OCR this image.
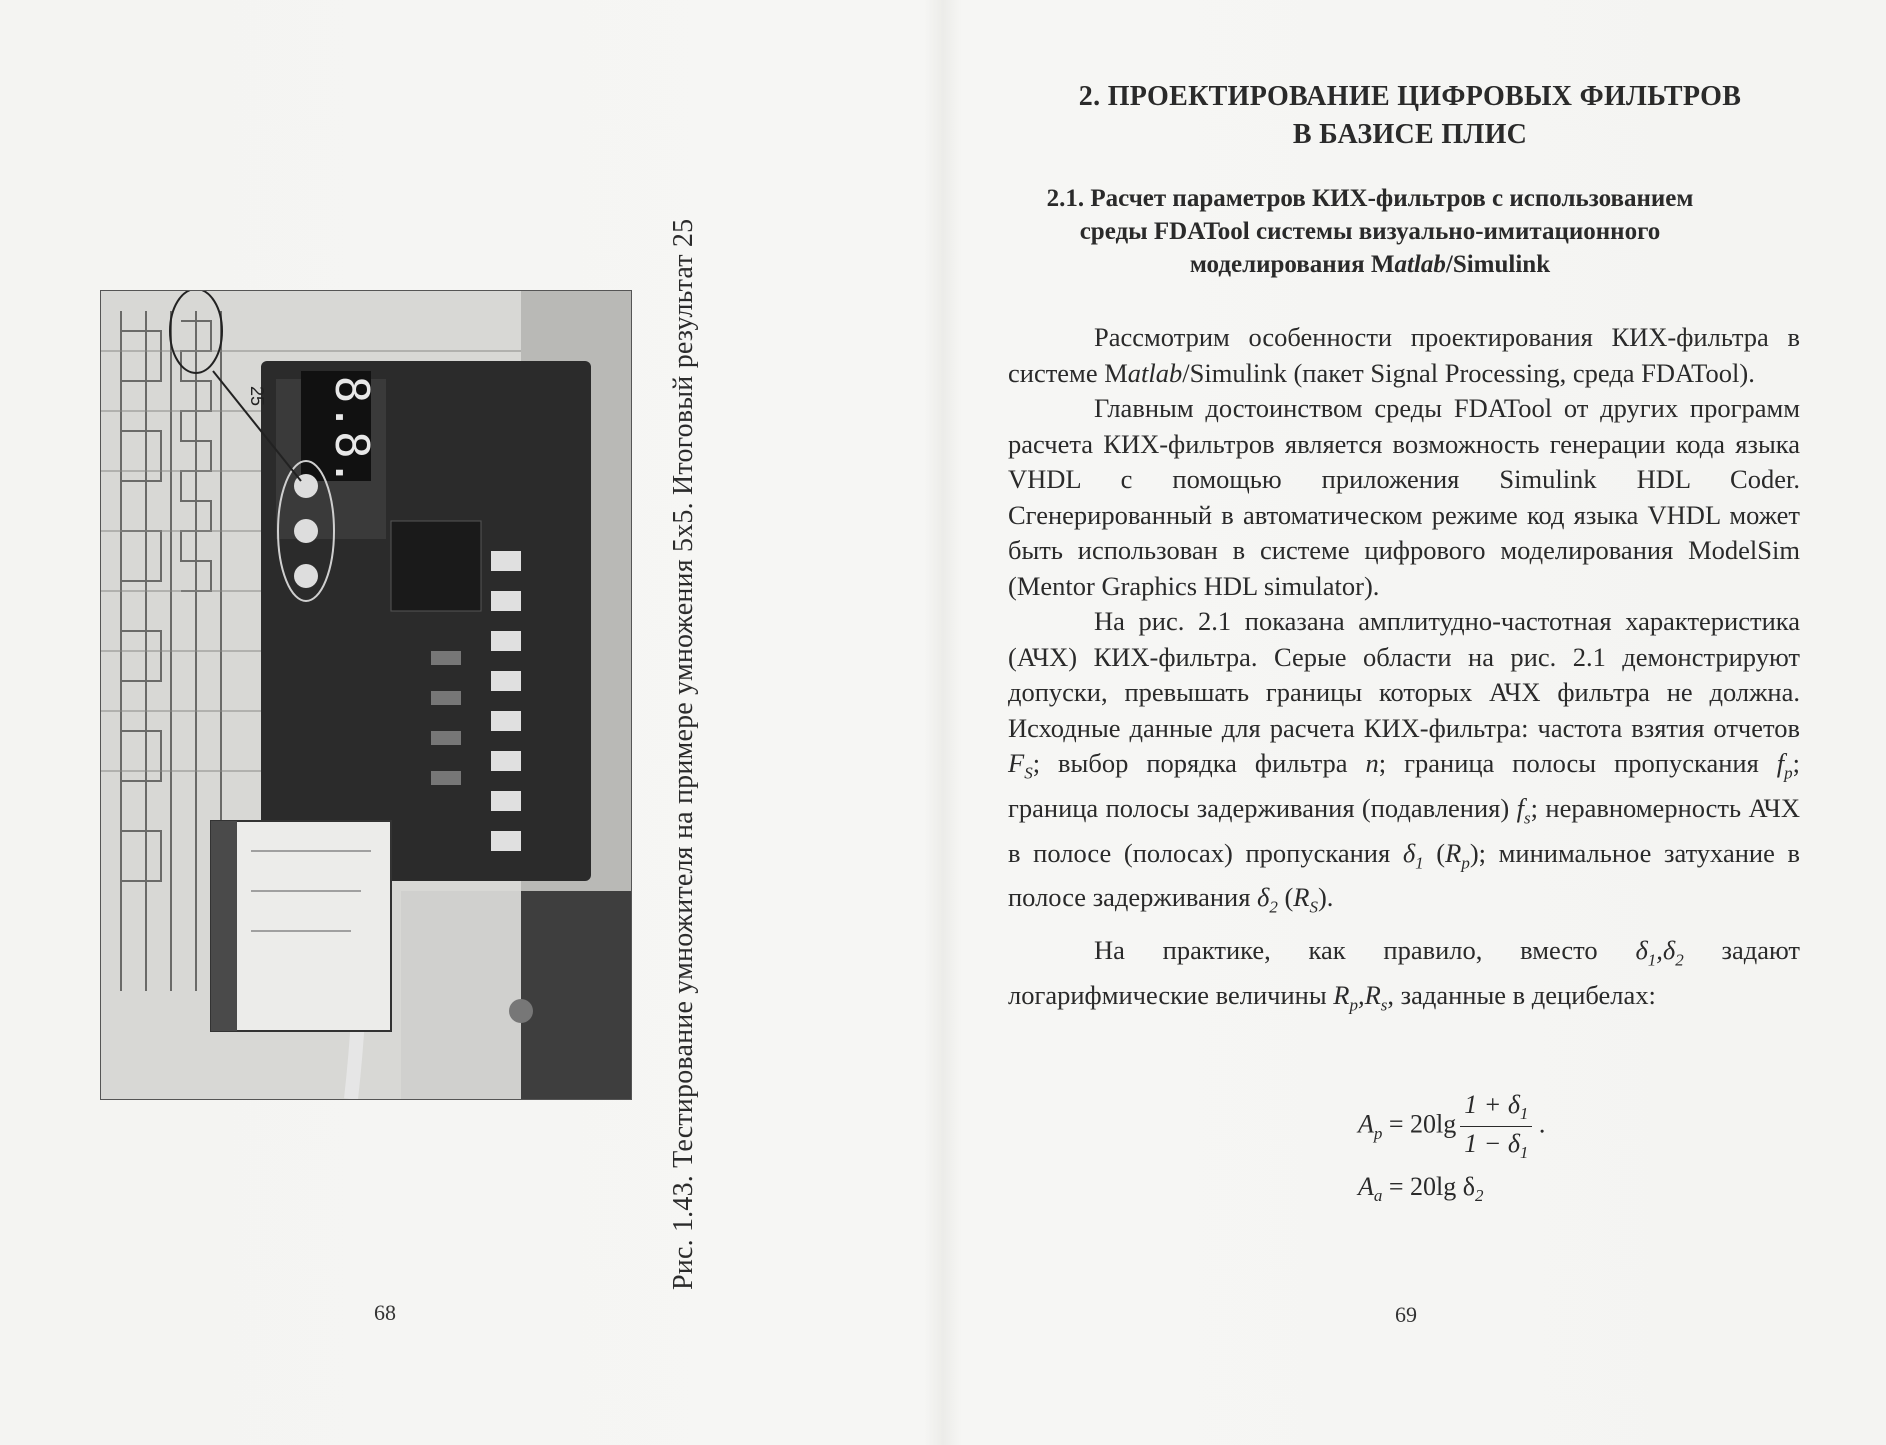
8.8.
25	Рис. 1.43. Тестирование умножителя на примере умножения 5x5. Итоговый результат 25
68
2. ПРОЕКТИРОВАНИЕ ЦИФРОВЫХ ФИЛЬТРОВ
В БАЗИСЕ ПЛИС
2.1. Расчет параметров КИХ-фильтров с использованием
среды FDATool системы визуально-имитационного
моделирования Matlab/Simulink

Рассмотрим особенности проектирования КИХ-фильтра в системе Matlab/Simulink (пакет Signal Processing, среда FDATool).

Главным достоинством среды FDATool от других программ расчета КИХ-фильтров является возможность генерации кода языка VHDL с помощью приложения Simulink HDL Coder. Сгенерированный в автоматическом режиме код языка VHDL может быть использован в системе цифрового моделирования ModelSim (Mentor Graphics HDL simulator).

На рис. 2.1 показана амплитудно-частотная характеристика (АЧХ) КИХ-фильтра. Серые области на рис. 2.1 демонстрируют допуски, превышать границы которых АЧХ фильтра не должна. Исходные данные для расчета КИХ-фильтра: частота взятия отчетов $F_S$; выбор порядка фильтра n; граница полосы пропускания $f_p$; граница полосы задерживания (подавления) $f_s$; неравномерность АЧХ в полосе (полосах) пропускания $\delta_1$ $(R_p)$; минимальное затухание в полосе задерживания $\delta_2$ $(R_S)$.

На практике, как правило, вместо $\delta_1,\delta_2$ задают логарифмические величины $R_p,R_s$, заданные в децибелах:

$A_p = 20\lg \frac{1 + \delta_1}{1 - \delta_1}$ .
$A_a = 20\lg$ $\delta_2$
69
